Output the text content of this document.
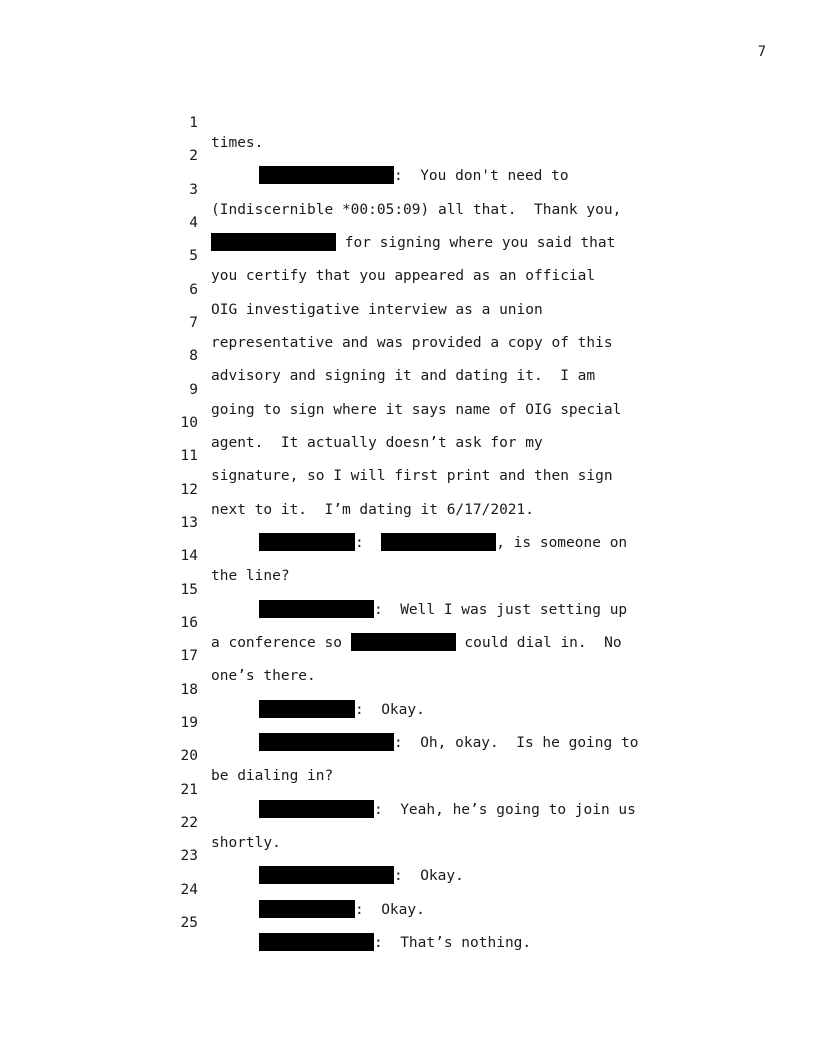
7

1

times.

2

:  You don't need to

3

(Indiscernible *00:05:09) all that.  Thank you,

4

for signing where you said that

5

you certify that you appeared as an official

6

OIG investigative interview as a union

7

representative and was provided a copy of this

8

advisory and signing it and dating it.  I am

9

going to sign where it says name of OIG special

10

agent.  It actually doesn’t ask for my

11

signature, so I will first print and then sign

12

next to it.  I’m dating it 6/17/2021.

13

:	, is someone on

14

the line?

15

:  Well I was just setting up

16

a conference so	could dial in.  No

17

one’s there.

18

:  Okay.

19

:  Oh, okay.  Is he going to

20

be dialing in?

21

:  Yeah, he’s going to join us

22

shortly.

23

:  Okay.

24

:  Okay.

25

:  That’s nothing.
